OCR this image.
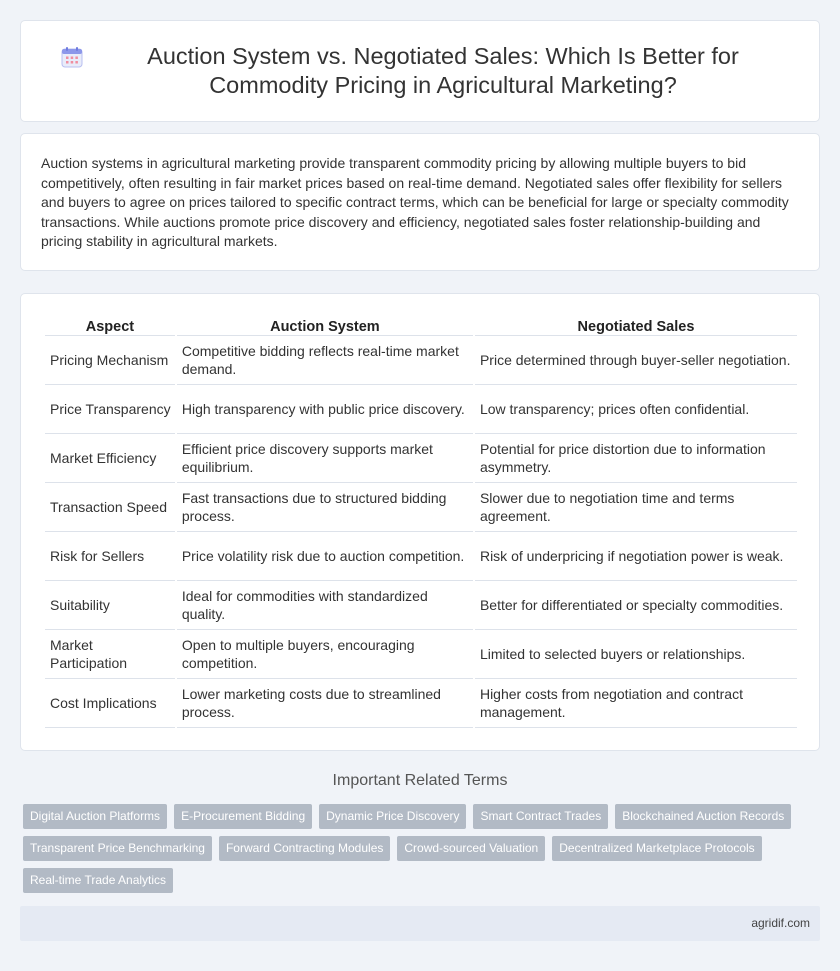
Auction System vs. Negotiated Sales: Which Is Better for Commodity Pricing in Agricultural Marketing?

Auction systems in agricultural marketing provide transparent commodity pricing by allowing multiple buyers to bid competitively, often resulting in fair market prices based on real-time demand. Negotiated sales offer flexibility for sellers and buyers to agree on prices tailored to specific contract terms, which can be beneficial for large or specialty commodity transactions. While auctions promote price discovery and efficiency, negotiated sales foster relationship-building and pricing stability in agricultural markets.

Aspect	Auction System	Negotiated Sales
Pricing Mechanism	Competitive bidding reflects real-time market demand.	Price determined through buyer-seller negotiation.
Price Transparency	High transparency with public price discovery.	Low transparency; prices often confidential.
Market Efficiency	Efficient price discovery supports market equilibrium.	Potential for price distortion due to information asymmetry.
Transaction Speed	Fast transactions due to structured bidding process.	Slower due to negotiation time and terms agreement.
Risk for Sellers	Price volatility risk due to auction competition.	Risk of underpricing if negotiation power is weak.
Suitability	Ideal for commodities with standardized quality.	Better for differentiated or specialty commodities.
Market Participation	Open to multiple buyers, encouraging competition.	Limited to selected buyers or relationships.
Cost Implications	Lower marketing costs due to streamlined process.	Higher costs from negotiation and contract management.
Important Related Terms
Digital Auction Platforms	E-Procurement Bidding	Dynamic Price Discovery	Smart Contract Trades	Blockchained Auction Records
Transparent Price Benchmarking	Forward Contracting Modules	Crowd-sourced Valuation	Decentralized Marketplace Protocols
Real-time Trade Analytics
agridif.com
